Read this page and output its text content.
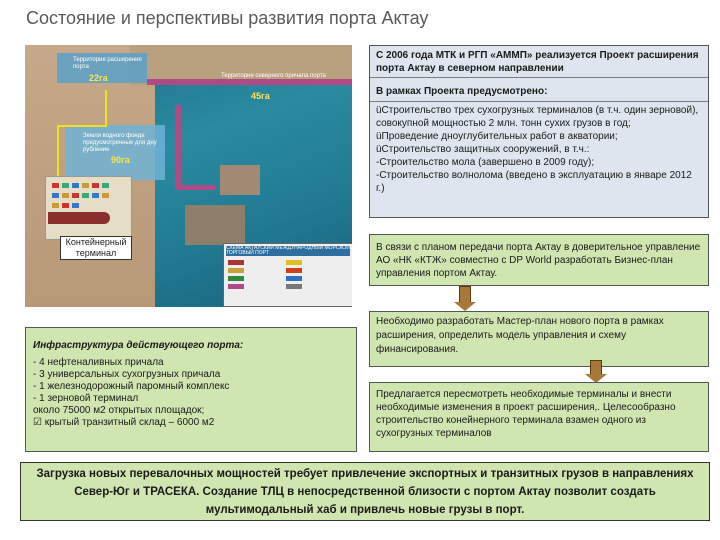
Состояние и перспективы развития порта Актау
Территория расширения порта
22га	Территория северного причала порта
45га
Земли водного фонда предусмотренные для дну рубление
90га
СХЕМА АКТАУСКИЙ МЕЖДУНАРОДНЫЙ МОРСКОЙ ТОРГОВЫЙ ПОРТ
Контейнерный терминал
С 2006 года МТК и РГП «АММП» реализуется Проект расширения порта Актау в северном направлении
В рамках Проекта предусмотрено:
üСтроительство трех сухогрузных терминалов (в т.ч. один зерновой), совокупной мощностью 2 млн. тонн сухих грузов в год;
üПроведение дноуглубительных работ в акватории;
üСтроительство защитных сооружений, в т.ч.:
-Строительство мола (завершено в 2009 году);
-Строительство волнолома (введено в эксплуатацию в январе 2012 г.)
В связи с планом передачи порта Актау в доверительное управление АО «НК «КТЖ» совместно с DP World разработать Бизнес-план управления портом Актау.
Необходимо разработать Мастер-план нового порта в рамках расширения, определить модель управления и схему финансирования.
Предлагается пересмотреть необходимые терминалы и внести необходимые изменения в проект расширения,. Целесообразно строительство конейнерного терминала взамен одного из сухогрузных терминалов
Инфраструктура действующего порта:
- 4 нефтеналивных причала
- 3 универсальных сухогрузных причала
- 1 железнодорожный паромный комплекс
- 1 зерновой терминал
около 75000 м2 открытых площадок;
☑ крытый транзитный склад – 6000 м2
Загрузка новых перевалочных мощностей требует привлечение экспортных и транзитных грузов в направлениях Север-Юг и ТРАСЕКА. Создание ТЛЦ в непосредственной близости с портом Актау позволит создать мультимодальный хаб и привлечь новые грузы в порт.
